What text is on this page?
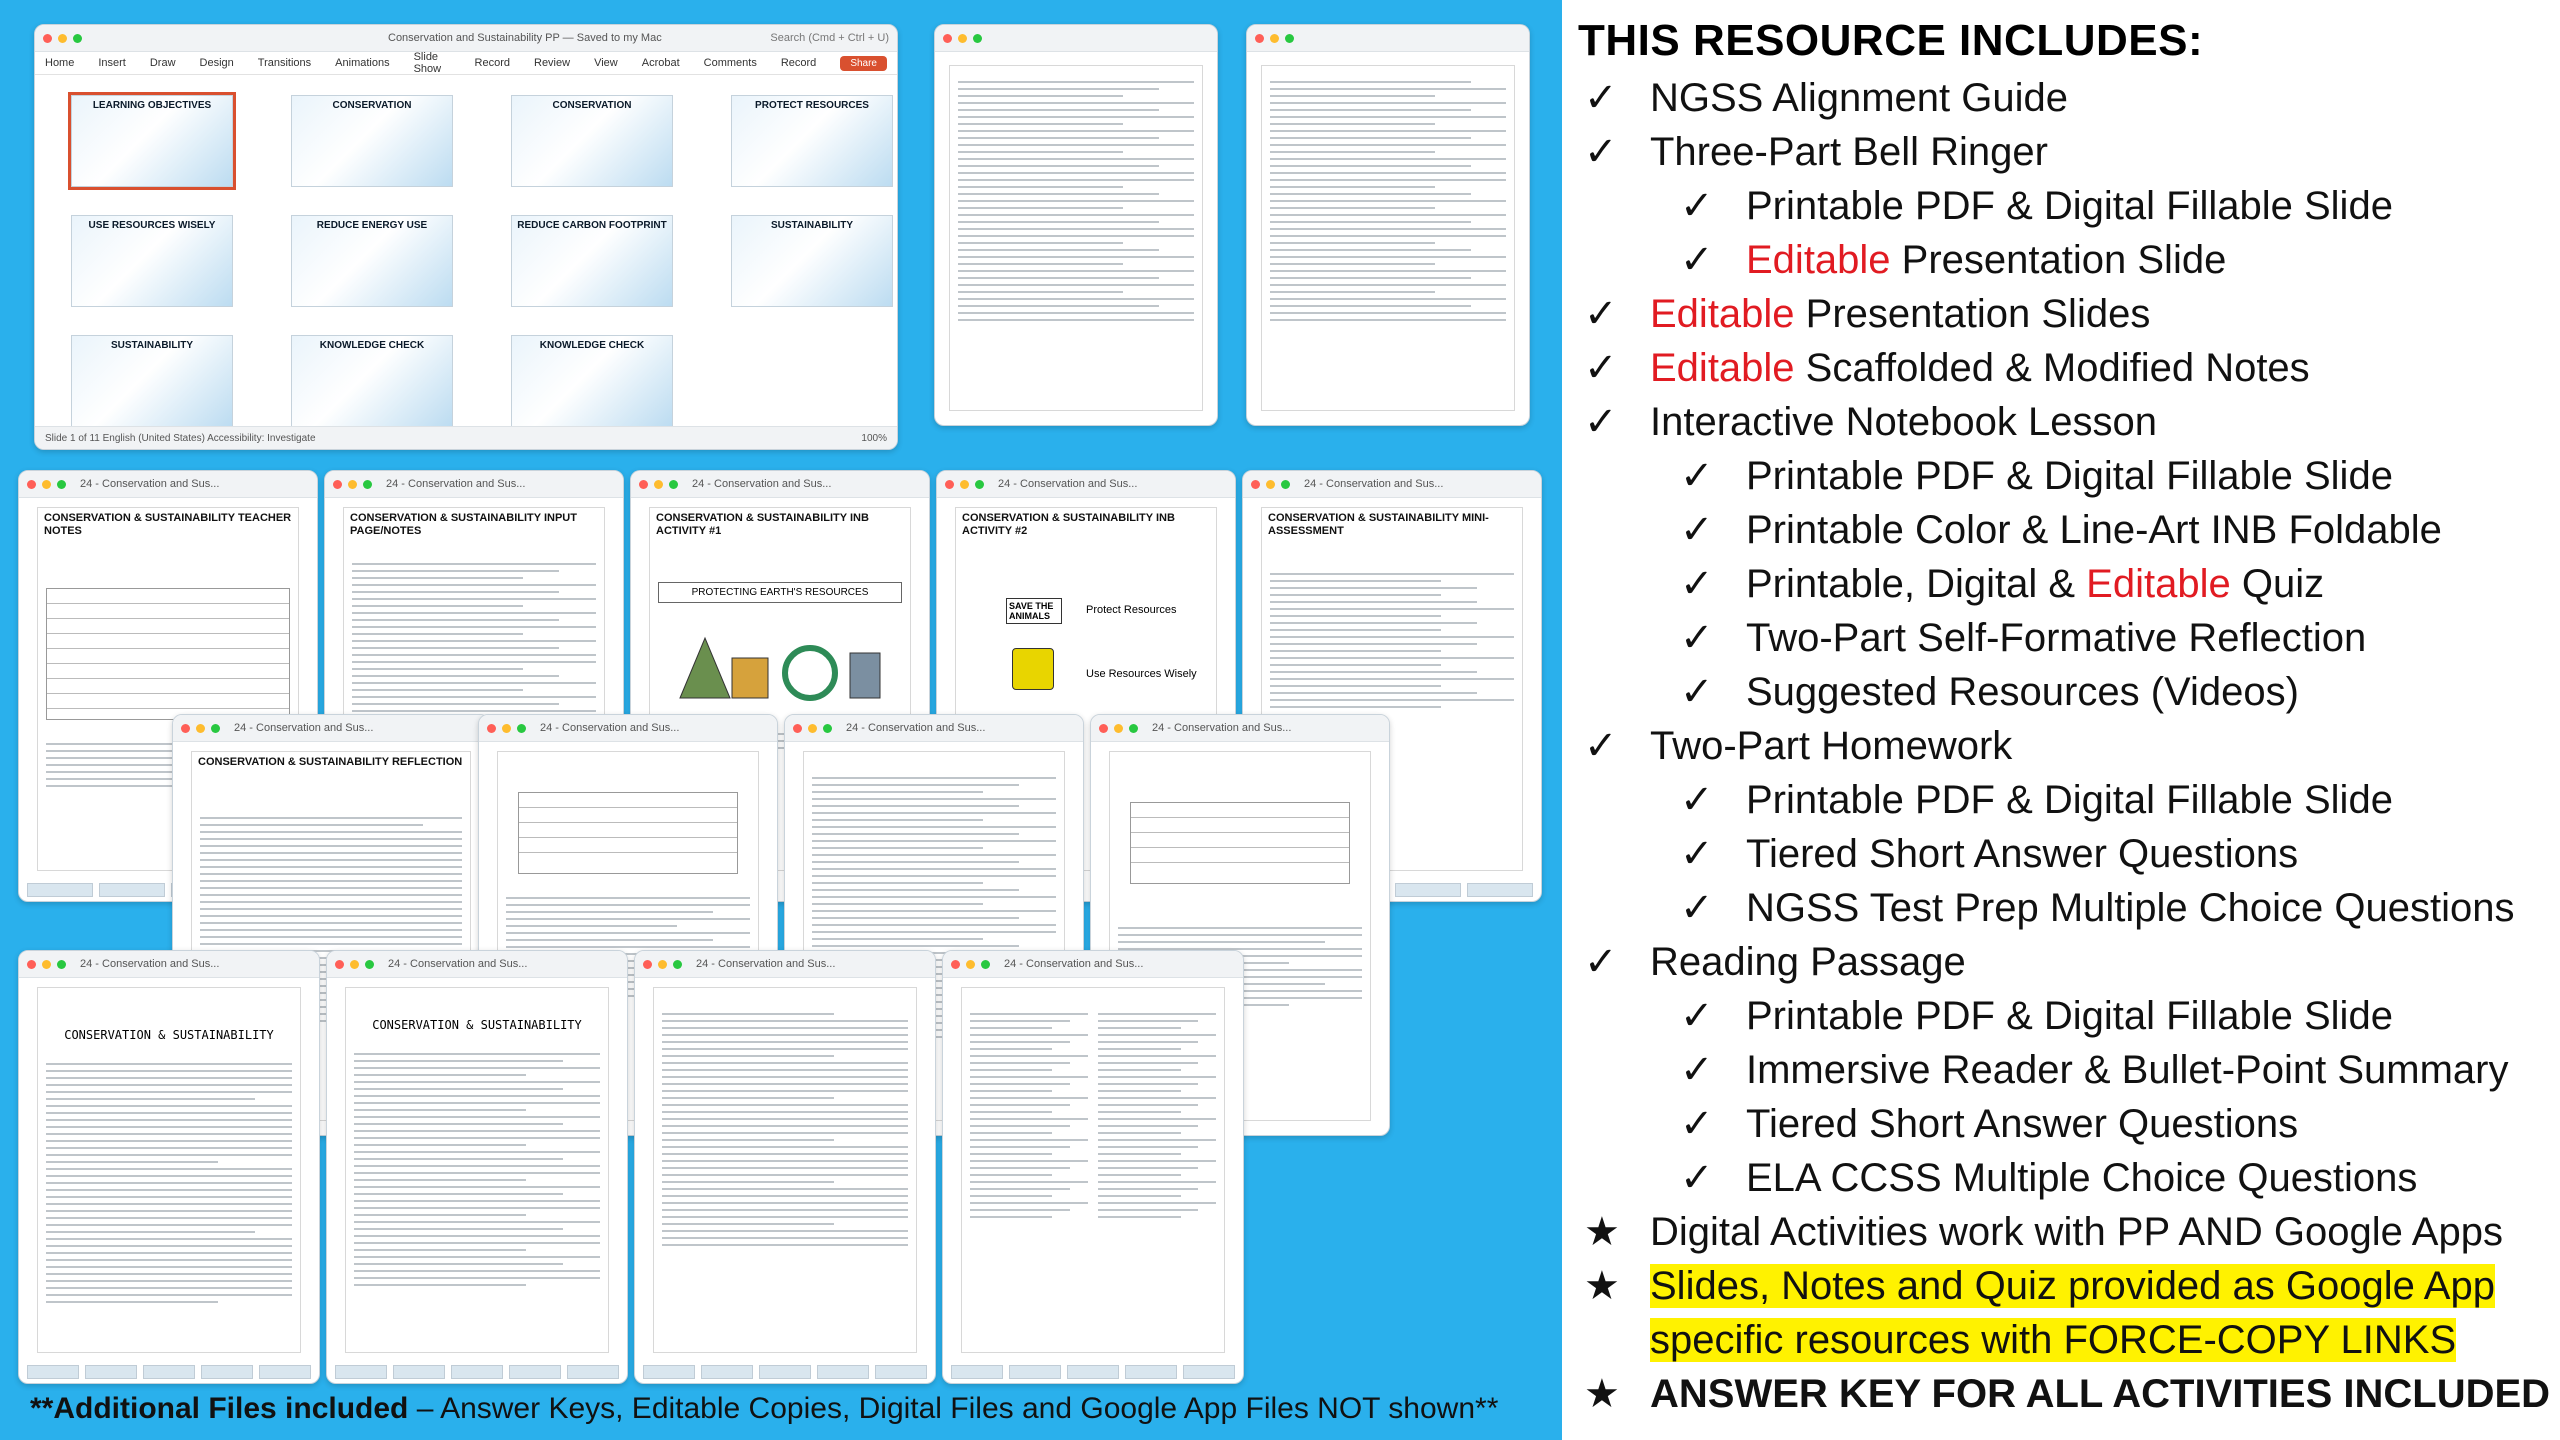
Conservation and Sustainability PP — Saved to my Mac	Search (Cmd + Ctrl + U)
Home Insert Draw Design Transitions Animations Slide Show	Record Review View Acrobat Comments Record	Share
LEARNING OBJECTIVES	CONSERVATION	CONSERVATION	PROTECT RESOURCES
USE RESOURCES WISELY	REDUCE ENERGY USE	REDUCE CARBON FOOTPRINT	SUSTAINABILITY
SUSTAINABILITY	KNOWLEDGE CHECK	KNOWLEDGE CHECK
Slide 1 of 11 English (United States) Accessibility: Investigate	100%
24 - Conservation and Sus...
CONSERVATION & SUSTAINABILITY TEACHER NOTES
24 - Conservation and Sus...
CONSERVATION & SUSTAINABILITY INPUT PAGE/NOTES
24 - Conservation and Sus...
CONSERVATION & SUSTAINABILITY INB ACTIVITY #1
PROTECTING EARTH'S RESOURCES
24 - Conservation and Sus...
CONSERVATION & SUSTAINABILITY INB ACTIVITY #2
SAVE THE ANIMALS	Protect Resources
Use Resources Wisely
24 - Conservation and Sus...
CONSERVATION & SUSTAINABILITY MINI-ASSESSMENT
24 - Conservation and Sus...
CONSERVATION & SUSTAINABILITY REFLECTION
24 - Conservation and Sus...	24 - Conservation and Sus...	24 - Conservation and Sus...
24 - Conservation and Sus...
CONSERVATION & SUSTAINABILITY
24 - Conservation and Sus...
CONSERVATION & SUSTAINABILITY
24 - Conservation and Sus...	24 - Conservation and Sus...
**Additional Files included – Answer Keys, Editable Copies, Digital Files and Google App Files NOT shown**
THIS RESOURCE INCLUDES:
✓ NGSS Alignment Guide
✓ Three-Part Bell Ringer
✓ Printable PDF & Digital Fillable Slide
✓ Editable Presentation Slide
✓ Editable Presentation Slides
✓ Editable Scaffolded & Modified Notes
✓ Interactive Notebook Lesson
✓ Printable PDF & Digital Fillable Slide
✓ Printable Color & Line-Art INB Foldable
✓ Printable, Digital & Editable Quiz
✓ Two-Part Self-Formative Reflection
✓ Suggested Resources (Videos)
✓ Two-Part Homework
✓ Printable PDF & Digital Fillable Slide
✓ Tiered Short Answer Questions
✓ NGSS Test Prep Multiple Choice Questions
✓ Reading Passage
✓ Printable PDF & Digital Fillable Slide
✓ Immersive Reader & Bullet-Point Summary
✓ Tiered Short Answer Questions
✓ ELA CCSS Multiple Choice Questions
★ Digital Activities work with PP AND Google Apps
★ Slides, Notes and Quiz provided as Google App
specific resources with FORCE-COPY LINKS
★ ANSWER KEY FOR ALL ACTIVITIES INCLUDED
